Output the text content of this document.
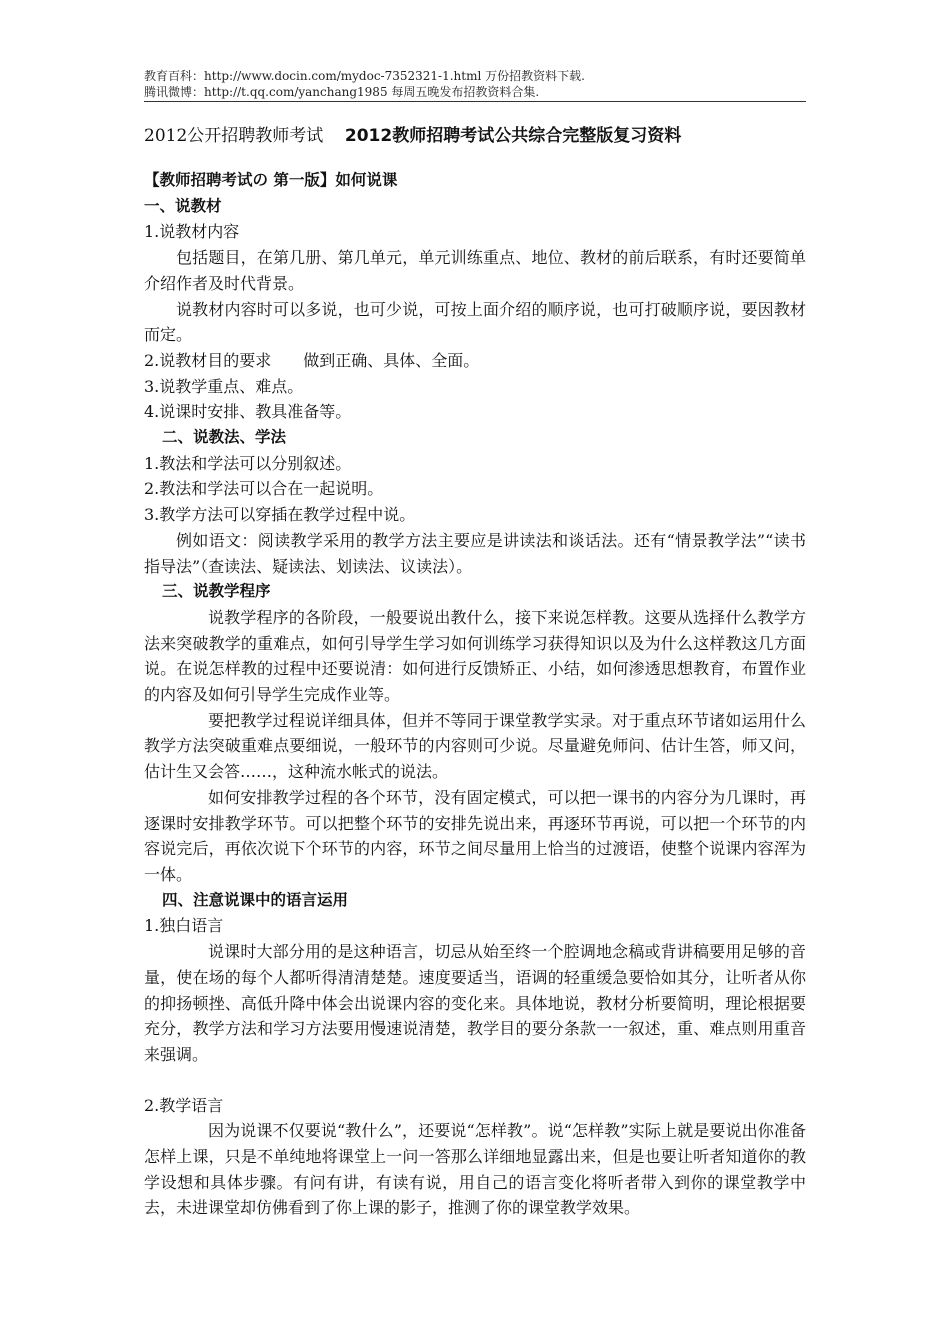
教育百科：http://www.docin.com/mydoc-7352321-1.html 万份招教资料下载.
腾讯微博：http://t.qq.com/yanchang1985 每周五晚发布招教资料合集.
2012公开招聘教师考试 2012教师招聘考试公共综合完整版复习资料
【教师招聘考试の 第一版】如何说课
一、说教材
1.说教材内容
包括题目，在第几册、第几单元，单元训练重点、地位、教材的前后联系，有时还要简单介绍作者及时代背景。
说教材内容时可以多说，也可少说，可按上面介绍的顺序说，也可打破顺序说，要因教材而定。
2.说教材目的要求　　做到正确、具体、全面。
3.说教学重点、难点。
4.说课时安排、教具准备等。
二、说教法、学法
1.教法和学法可以分别叙述。
2.教法和学法可以合在一起说明。
3.教学方法可以穿插在教学过程中说。
例如语文：阅读教学采用的教学方法主要应是讲读法和谈话法。还有“情景教学法”“读书指导法”（查读法、疑读法、划读法、议读法）。
三、说教学程序
说教学程序的各阶段，一般要说出教什么，接下来说怎样教。这要从选择什么教学方法来突破教学的重难点，如何引导学生学习如何训练学习获得知识以及为什么这样教这几方面说。在说怎样教的过程中还要说清：如何进行反馈矫正、小结，如何渗透思想教育，布置作业的内容及如何引导学生完成作业等。
要把教学过程说详细具体，但并不等同于课堂教学实录。对于重点环节诸如运用什么教学方法突破重难点要细说，一般环节的内容则可少说。尽量避免师问、估计生答，师又问，估计生又会答……，这种流水帐式的说法。
如何安排教学过程的各个环节，没有固定模式，可以把一课书的内容分为几课时，再逐课时安排教学环节。可以把整个环节的安排先说出来，再逐环节再说，可以把一个环节的内容说完后，再依次说下个环节的内容，环节之间尽量用上恰当的过渡语，使整个说课内容浑为一体。
四、注意说课中的语言运用
1.独白语言
说课时大部分用的是这种语言，切忌从始至终一个腔调地念稿或背讲稿要用足够的音量，使在场的每个人都听得清清楚楚。速度要适当，语调的轻重缓急要恰如其分，让听者从你的抑扬顿挫、高低升降中体会出说课内容的变化来。具体地说，教材分析要简明，理论根据要充分，教学方法和学习方法要用慢速说清楚，教学目的要分条款一一叙述，重、难点则用重音来强调。
2.教学语言
因为说课不仅要说“教什么”，还要说“怎样教”。说“怎样教”实际上就是要说出你准备怎样上课，只是不单纯地将课堂上一问一答那么详细地显露出来，但是也要让听者知道你的教学设想和具体步骤。有问有讲，有读有说，用自己的语言变化将听者带入到你的课堂教学中去，未进课堂却仿佛看到了你上课的影子，推测了你的课堂教学效果。
